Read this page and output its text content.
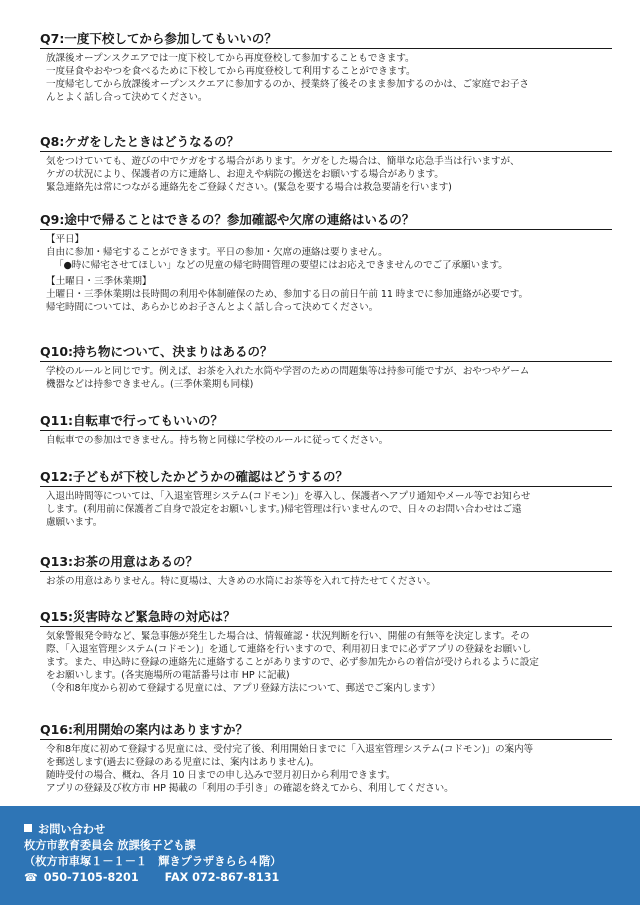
Q7:一度下校してから参加してもいいの？
放課後オープンスクエアでは一度下校してから再度登校して参加することもできます。
一度昼食やおやつを食べるために下校してから再度登校して利用することができます。
一度帰宅してから放課後オープンスクエアに参加するのか、授業終了後そのまま参加するのかは、ご家庭でお子さ
んとよく話し合って決めてください。
Q8:ケガをしたときはどうなるの？
気をつけていても、遊びの中でケガをする場合があります。ケガをした場合は、簡単な応急手当は行いますが、
ケガの状況により、保護者の方に連絡し、お迎えや病院の搬送をお願いする場合があります。
緊急連絡先は常につながる連絡先をご登録ください。(緊急を要する場合は救急要請を行います)
Q9:途中で帰ることはできるの？参加確認や欠席の連絡はいるの？
【平日】
自由に参加・帰宅することができます。平日の参加・欠席の連絡は要りません。
「●時に帰宅させてほしい」などの児童の帰宅時間管理の要望にはお応えできませんのでご了承願います。
【土曜日・三季休業期】
土曜日・三季休業期は長時間の利用や体制確保のため、参加する日の前日午前 11 時までに参加連絡が必要です。
帰宅時間については、あらかじめお子さんとよく話し合って決めてください。
Q10:持ち物について、決まりはあるの？
学校のルールと同じです。例えば、お茶を入れた水筒や学習のための問題集等は持参可能ですが、おやつやゲーム
機器などは持参できません。(三季休業期も同様)
Q11:自転車で行ってもいいの？
自転車での参加はできません。持ち物と同様に学校のルールに従ってください。
Q12:子どもが下校したかどうかの確認はどうするの？
入退出時間等については、「入退室管理システム(コドモン)」を導入し、保護者へアプリ通知やメール等でお知らせ
します。(利用前に保護者ご自身で設定をお願いします。)帰宅管理は行いませんので、日々のお問い合わせはご遠
慮願います。
Q13:お茶の用意はあるの？
お茶の用意はありません。特に夏場は、大きめの水筒にお茶等を入れて持たせてください。
Q15:災害時など緊急時の対応は？
気象警報発令時など、緊急事態が発生した場合は、情報確認・状況判断を行い、開催の有無等を決定します。その
際、「入退室管理システム(コドモン)」を通して連絡を行いますので、利用初日までに必ずアプリの登録をお願いし
ます。また、申込時に登録の連絡先に連絡することがありますので、必ず参加先からの着信が受けられるように設定
をお願いします。(各実施場所の電話番号は市 HP に記載)
（令和8年度から初めて登録する児童には、アプリ登録方法について、郵送でご案内します）
Q16:利用開始の案内はありますか？
令和8年度に初めて登録する児童には、受付完了後、利用開始日までに「入退室管理システム(コドモン)」の案内等
を郵送します(過去に登録のある児童には、案内はありません)。
随時受付の場合、概ね、各月 10 日までの申し込みで翌月初日から利用できます。
アプリの登録及び枚方市 HP 掲載の「利用の手引き」の確認を終えてから、利用してください。
お問い合わせ
枚方市教育委員会 放課後子ども課
（枚方市車塚１－１－１　輝きプラザきらら４階）
☎ 050-7105-8201 FAX 072-867-8131
